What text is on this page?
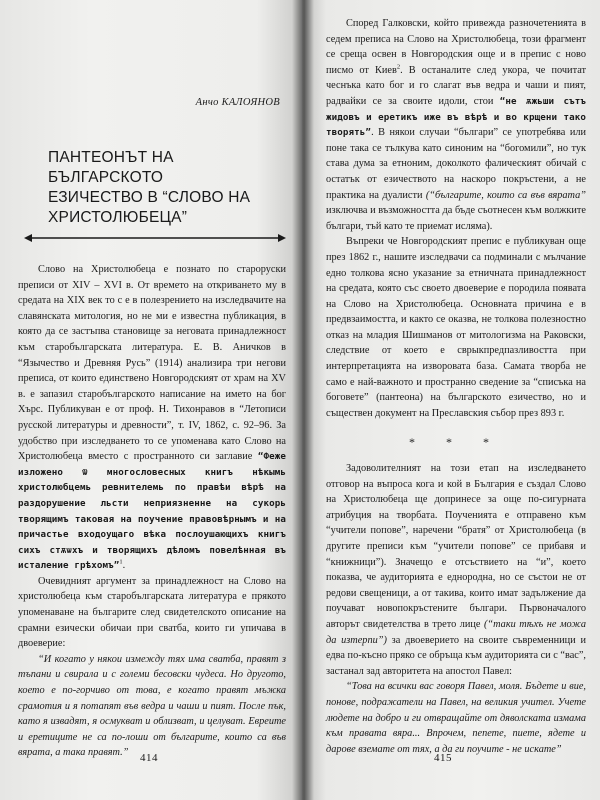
Анчо КАЛОЯНОВ
ПАНТЕОНЪТ НА БЪЛГАРСКОТО
ЕЗИЧЕСТВО В “СЛОВО НА
ХРИСТОЛЮБЕЦА”

Слово на Христолюбеца е познато по староруски преписи от XIV – XVI в. От времето на откриването му в средата на XIX век то с е в полезрението на изследвачите на славянската митология, но не ми е известна публикация, в която да се застъпва становище за неговата принадлежност към старобългарската литература. Е. В. Аничков в “Язычество и Древняя Русь” (1914) анализира три негови преписа, от които единствено Новгородският от храм на XV в. е запазил старобългарското написание на името на бог Хърс. Публикуван е от проф. Н. Тихонравов в “Летописи русской литературы и древности”, т. IV, 1862, с. 92–96. За удобство при изследването то се упоменава като Слово на Христолюбеца вместо с пространното си заглавие “Феже изложено ѿ многословесных книгъ нѣкымь христолюбцемь ревнителемь по правѣи вѣрѣ на раздорушение льсти неприязненне на сукорь творящимъ таковая на поучение правовѣрнымъ и на причастье входоущаго вѣка послоушающихъ книгъ сихъ стѫѡхъ и творящихъ дѣломъ повелѣнная въ исталение грѣхомъ”$^1$.

Очевидният аргумент за принадлежност на Слово на христолюбеца към старобългарската литература е прякото упоменаване на българите след свидетелското описание на срамни езически обичаи при сватба, които ги упичава в двоеверие:

“И когато у някои измежду тях има сватба, правят з тъпани и свирала и с големи бесовски чудеса. Но другото, което е по-горчиво от това, е когато правят мъжка срамотия и я потапят във ведра и чаши и пият. После пък, като я извадят, я осмукват и облизват, и целуват. Евреите и еретиците не са по-лоши от българите, които са във вярата, а така правят.”	414

Според Галковски, който привежда разночетенията в седем преписа на Слово на Христолюбеца, този фрагмент се среща освен в Новгородския още и в препис с ново писмо от Киев$^2$. В останалите след укора, че почитат чеснъка като бог и го слагат във ведра и чаши и пият, радвайки се за своите идоли, стои “не ѫжьши сътъ жидовъ и еретикъ иже въ вѣрѣ и во крщени тако творять”. В някои случаи “българи” се употребява или поне така се тълкува като синоним на “богомили”, но тук става дума за етноним, доколкото фалическият обичай с остатък от езичеството на наскоро покръстени, а не практика на дуалисти (“българите, които са във вярата” изключва и възможността да бъде съотнесен към волжките българи, тъй като те приемат исляма).

Въпреки че Новгородският препис е публикуван още през 1862 г., нашите изследвачи са подминали с мълчание едно толкова ясно указание за етничната принадлежност на средата, която със своето двоеверие е породила появата на Слово на Христолюбеца. Основната причина е в предвзаимостта, и както се оказва, не толкова полезностно отказ на младия Шишманов от митологизма на Раковски, следствие от което е сврыкпредпазливостта при интерпретацията на изворовата база. Самата творба не само е най-важното и пространно сведение за “списъка на боговете” (пантеона) на българското езичество, но и съществен документ на Преславския събор през 893 г.

* * *

Задоволителният на този етап на изследването отговор на въпроса кога и кой в България е създал Слово на Христолюбеца ще допринесе за още по-сигурната атрибуция на творбата. Поученията е отправено към “учители попове”, наречени “братя” от Христолюбеца (в другите преписи към “учители попове” се прибавя и “книжници”). Значещо е отсъствието на “и”, което показва, че аудиторията е еднородна, но се състои не от редови свещеници, а от такива, които имат задължение да поучават новопокръстените българи. Първоначалого авторът свидетелства в трето лице (“таки тѣхъ не можа да изтерпи”) за двоеверието на своите съвременници и едва по-късно пряко се обръща към аудиторията си с “вас”, застанал зад авторитета на апостол Павел:

“Това на всички вас говоря Павел, моля. Бъдете и вие, понове, подражатели на Павел, на великия учител. Учете людете на добро и ги отвращайте от дяволската измама към правата вяра... Впрочем, пепете, пиете, ядете и дарове вземате от тях, а да ги поучите - не искате”

415
